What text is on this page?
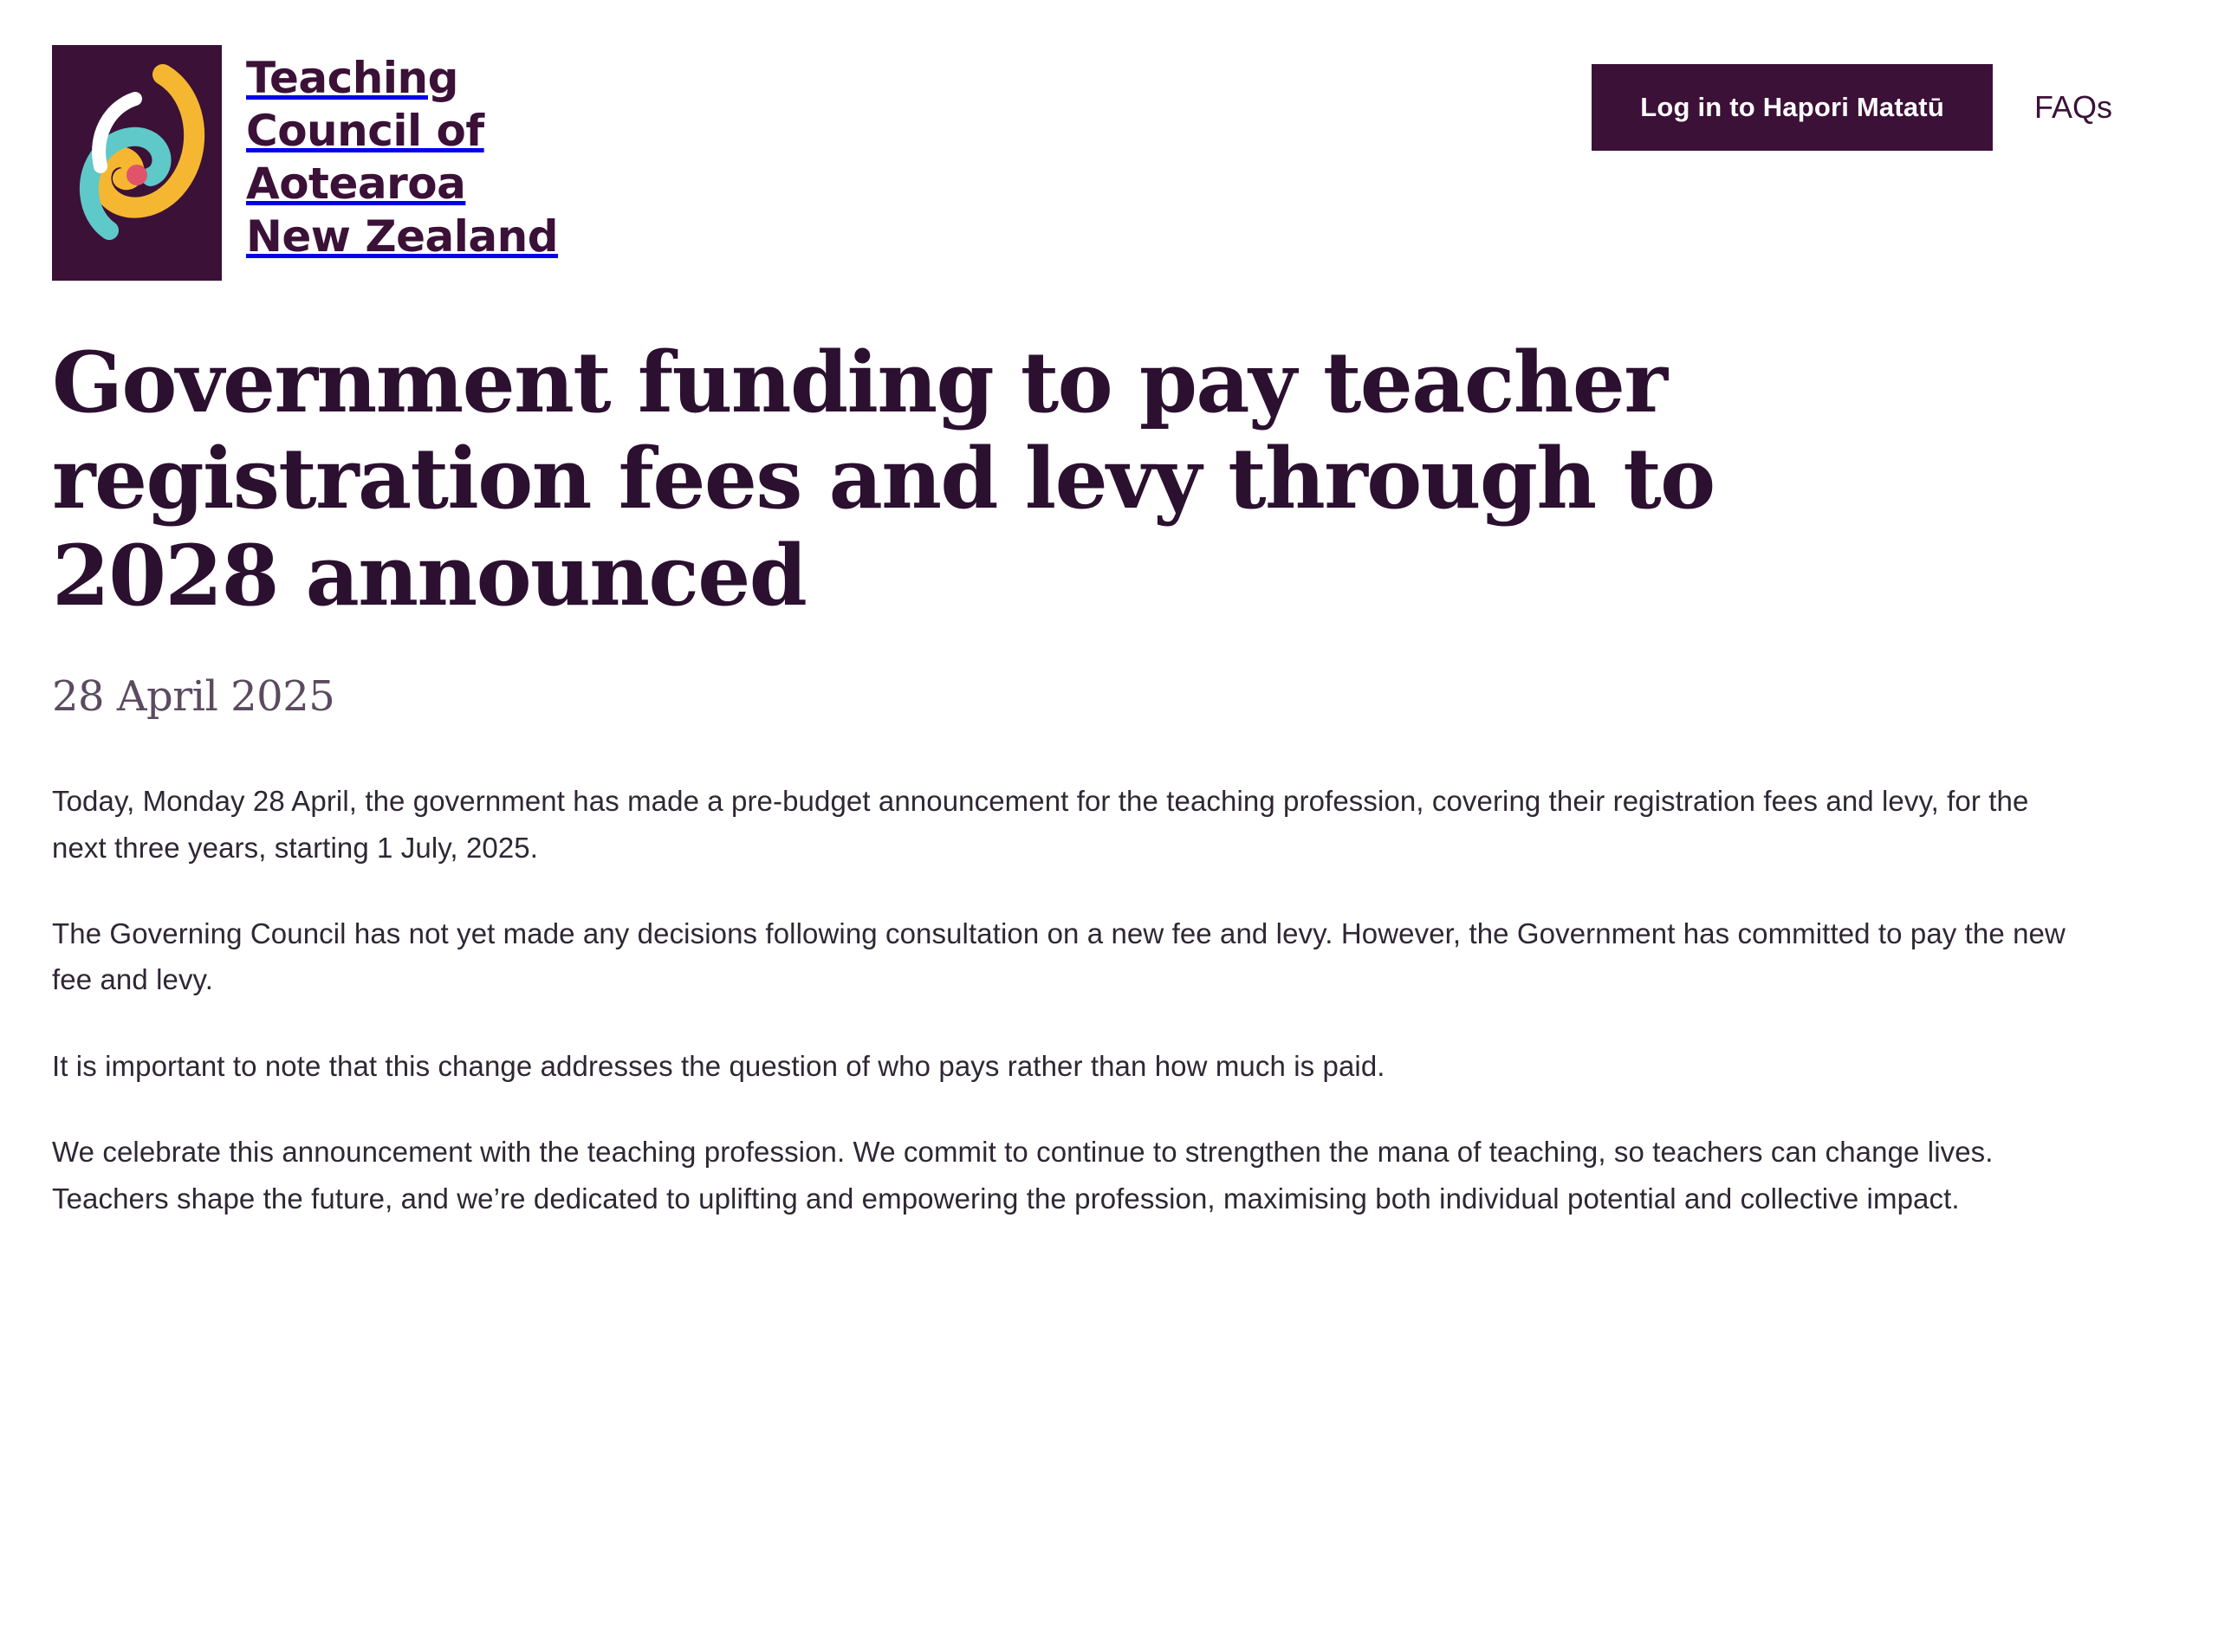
Teaching
Council of
Aotearoa
New Zealand
Log in to Hapori Matatū	FAQs
Government funding to pay teacher registration fees and levy through to 2028 announced
28 April 2025

Today, Monday 28 April, the government has made a pre-budget announcement for the teaching profession, covering their registration fees and levy, for the next three years, starting 1 July, 2025.

The Governing Council has not yet made any decisions following consultation on a new fee and levy. However, the Government has committed to pay the new fee and levy.

It is important to note that this change addresses the question of who pays rather than how much is paid.

We celebrate this announcement with the teaching profession. We commit to continue to strengthen the mana of teaching, so teachers can change lives. Teachers shape the future, and we’re dedicated to uplifting and empowering the profession, maximising both individual potential and collective impact.
